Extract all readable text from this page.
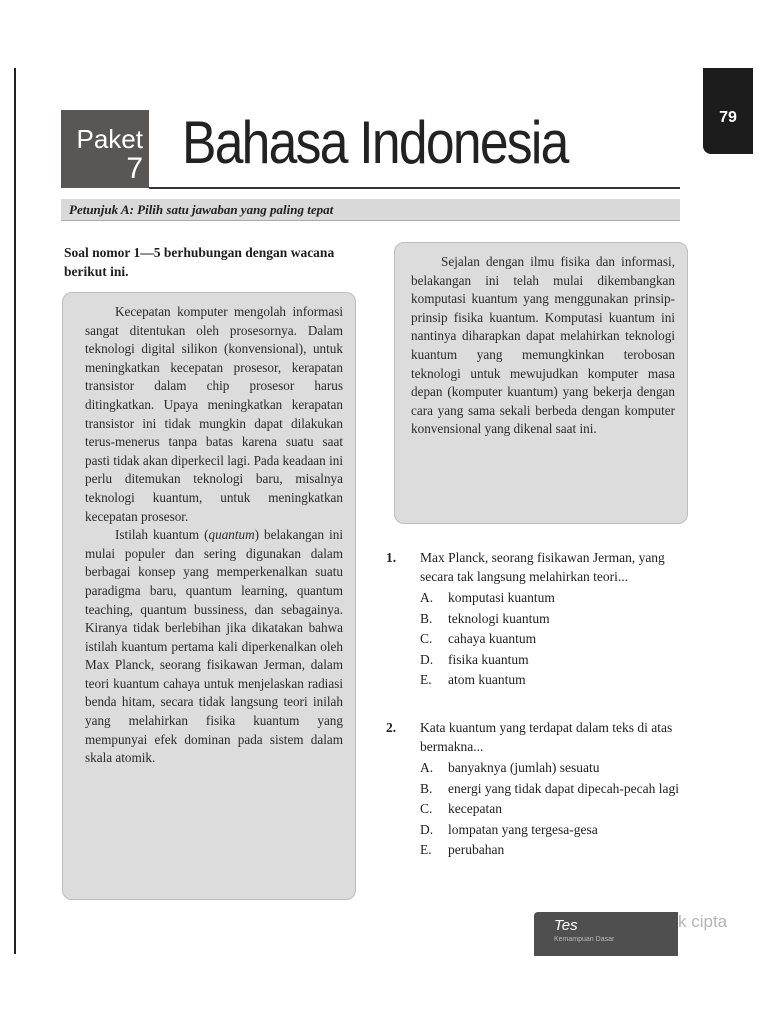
79
Paket
7 Bahasa Indonesia
Petunjuk A: Pilih satu jawaban yang paling tepat
Soal nomor 1—5 berhubungan dengan wacana berikut ini.

Kecepatan komputer mengolah informasi sangat ditentukan oleh prosesornya. Dalam teknologi digital silikon (konvensional), untuk meningkatkan kecepatan prosesor, kerapatan transistor dalam chip prosesor harus ditingkatkan. Upaya meningkatkan kerapatan transistor ini tidak mungkin dapat dilakukan terus-menerus tanpa batas karena suatu saat pasti tidak akan diperkecil lagi. Pada keadaan ini perlu ditemukan teknologi baru, misalnya teknologi kuantum, untuk meningkatkan kecepatan prosesor.

Istilah kuantum (quantum) belakangan ini mulai populer dan sering digunakan dalam berbagai konsep yang memperkenalkan suatu paradigma baru, quantum learning, quantum teaching, quantum bussiness, dan sebagainya. Kiranya tidak berlebihan jika dikatakan bahwa istilah kuantum pertama kali diperkenalkan oleh Max Planck, seorang fisikawan Jerman, dalam teori kuantum cahaya untuk menjelaskan radiasi benda hitam, secara tidak langsung teori inilah yang melahirkan fisika kuantum yang mempunyai efek dominan pada sistem dalam skala atomik.

Sejalan dengan ilmu fisika dan informasi, belakangan ini telah mulai dikembangkan komputasi kuantum yang menggunakan prinsip-prinsip fisika kuantum. Komputasi kuantum ini nantinya diharapkan dapat melahirkan teknologi kuantum yang memungkinkan terobosan teknologi untuk mewujudkan komputer masa depan (komputer kuantum) yang bekerja dengan cara yang sama sekali berbeda dengan komputer konvensional yang dikenal saat ini.

1. Max Planck, seorang fisikawan Jerman, yang secara tak langsung melahirkan teori...
A. komputasi kuantum
B. teknologi kuantum
C. cahaya kuantum
D. fisika kuantum
E. atom kuantum
2. Kata kuantum yang terdapat dalam teks di atas bermakna...
A. banyaknya (jumlah) sesuatu
B. energi yang tidak dapat dipecah-pecah lagi
C. kecepatan
D. lompatan yang tergesa-gesa
E. perubahan
Tes
Kemampuan Dasar
k cipta
